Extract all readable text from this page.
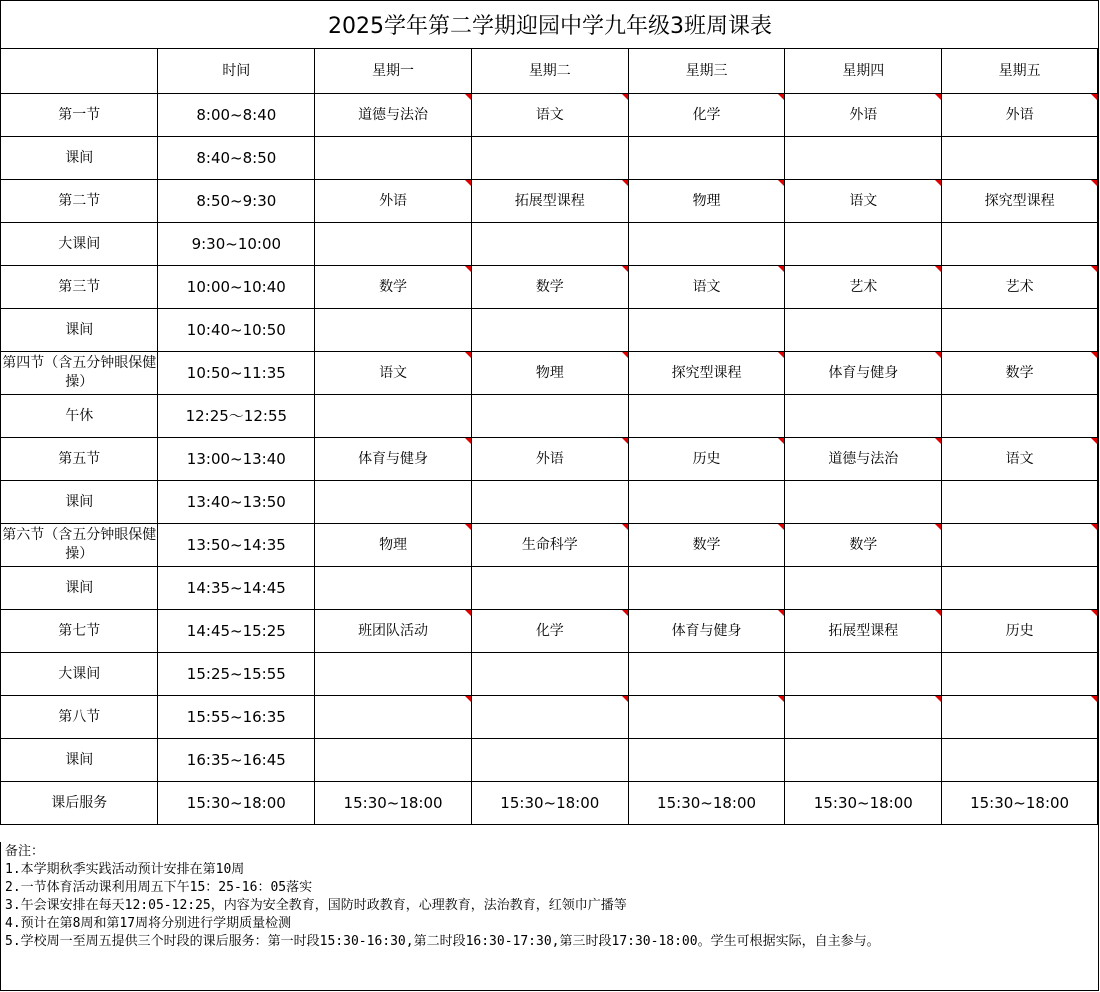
2025学年第二学期迎园中学九年级3班周课表
	时间	星期一	星期二	星期三	星期四	星期五
第一节	8:00~8:40	道德与法治	语文	化学	外语	外语

课间	8:40~8:50					
第二节	8:50~9:30	外语	拓展型课程	物理	语文	探究型课程

大课间	9:30~10:00					
第三节	10:00~10:40	数学	数学	语文	艺术	艺术

课间	10:40~10:50					
第四节（含五分钟眼保健操）	10:50~11:35	语文	物理	探究型课程	体育与健身	数学

午休	12:25～12:55					
第五节	13:00~13:40	体育与健身	外语	历史	道德与法治	语文

课间	13:40~13:50					
第六节（含五分钟眼保健操）	13:50~14:35	物理	生命科学	数学	数学

课间	14:35~14:45					
第七节	14:45~15:25	班团队活动	化学	体育与健身	拓展型课程	历史

大课间	15:25~15:55					
第八节	15:55~16:35	

课间	16:35~16:45					
课后服务	15:30~18:00	15:30~18:00	15:30~18:00	15:30~18:00	15:30~18:00	15:30~18:00
备注：
1.本学期秋季实践活动预计安排在第10周
2.一节体育活动课利用周五下午15：25-16：05落实
3.午会课安排在每天12:05-12:25，内容为安全教育，国防时政教育，心理教育，法治教育，红领巾广播等
4.预计在第8周和第17周将分别进行学期质量检测
5.学校周一至周五提供三个时段的课后服务：第一时段15:30-16:30,第二时段16:30-17:30,第三时段17:30-18:00。学生可根据实际，自主参与。
